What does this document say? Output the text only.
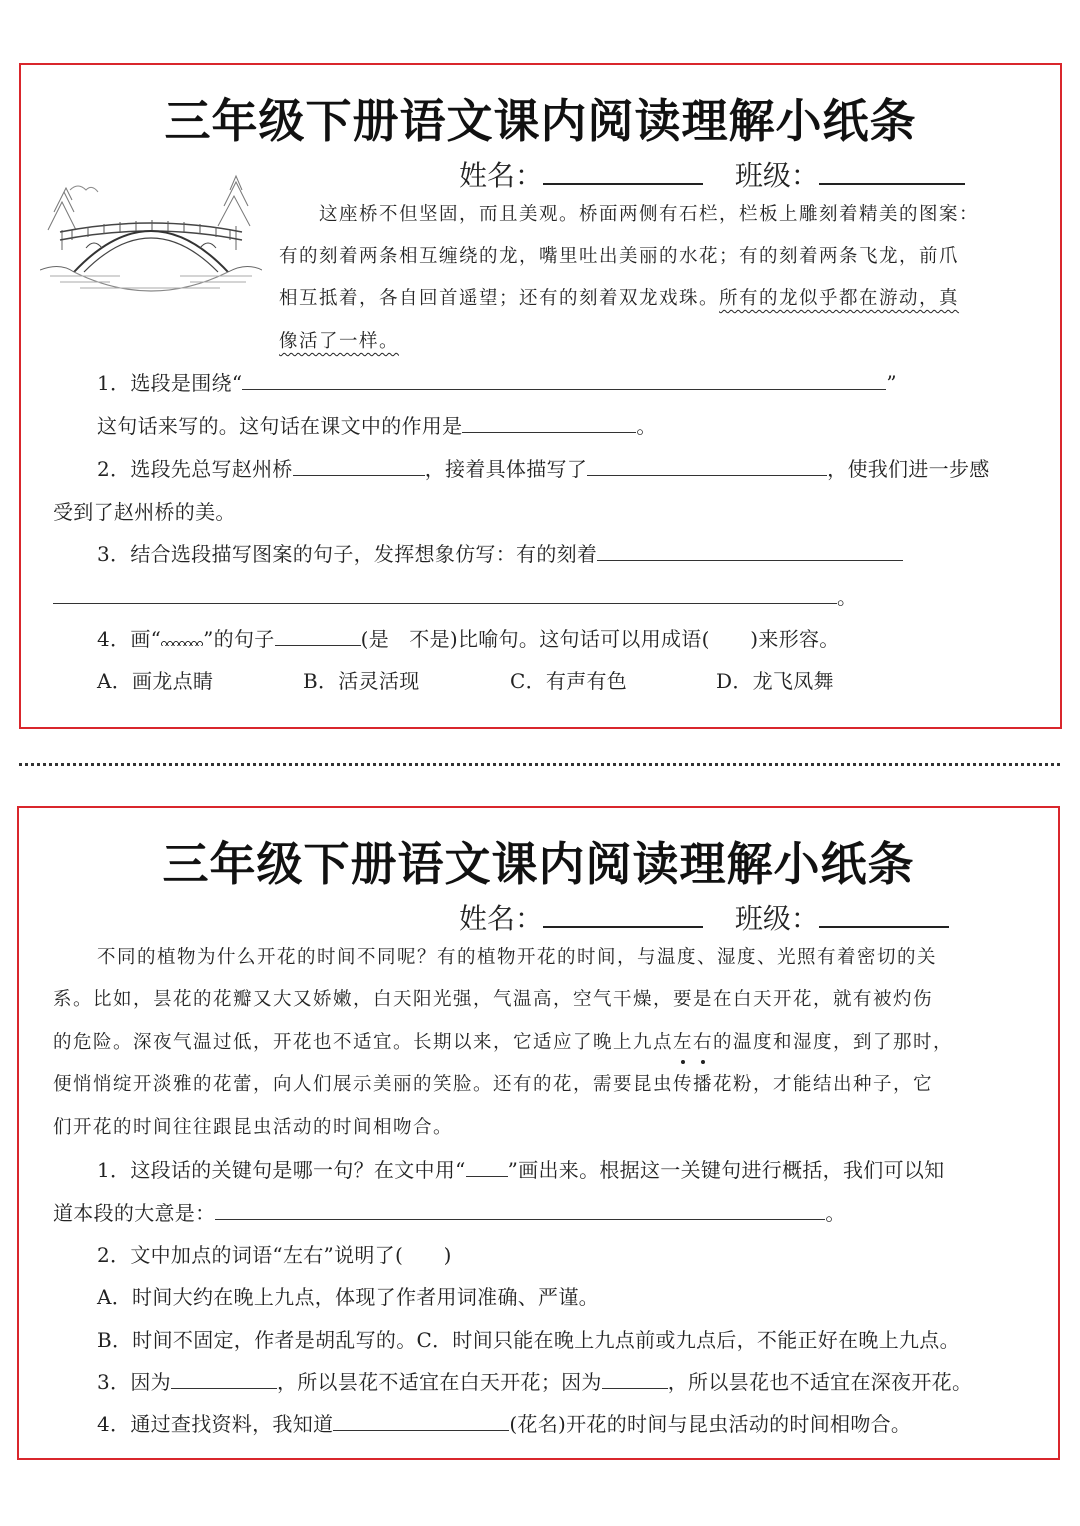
三年级下册语文课内阅读理解小纸条
姓名：	班级：
这座桥不但坚固，而且美观。桥面两侧有石栏，栏板上雕刻着精美的图案：
有的刻着两条相互缠绕的龙，嘴里吐出美丽的水花；有的刻着两条飞龙，前爪
相互抵着，各自回首遥望；还有的刻着双龙戏珠。所有的龙似乎都在游动，真
像活了一样。
1．选段是围绕“	”
这句话来写的。这句话在课文中的作用是	。
2．选段先总写赵州桥	，接着具体描写了	，使我们进一步感
受到了赵州桥的美。
3．结合选段描写图案的句子，发挥想象仿写：有的刻着
。
4．画“ ”的句子	(是　不是)比喻句。这句话可以用成语(　　)来形容。
A．画龙点睛	B．活灵活现	C．有声有色	D．龙飞凤舞
三年级下册语文课内阅读理解小纸条
姓名：	班级：
不同的植物为什么开花的时间不同呢？有的植物开花的时间，与温度、湿度、光照有着密切的关
系。比如，昙花的花瓣又大又娇嫩，白天阳光强，气温高，空气干燥，要是在白天开花，就有被灼伤
的危险。深夜气温过低，开花也不适宜。长期以来，它适应了晚上九点左右的温度和湿度，到了那时，
便悄悄绽开淡雅的花蕾，向人们展示美丽的笑脸。还有的花，需要昆虫传播花粉，才能结出种子，它
们开花的时间往往跟昆虫活动的时间相吻合。
1．这段话的关键句是哪一句？在文中用“ ”画出来。根据这一关键句进行概括，我们可以知
道本段的大意是：	。
2．文中加点的词语“左右”说明了(　　)
A．时间大约在晚上九点，体现了作者用词准确、严谨。
B．时间不固定，作者是胡乱写的。C．时间只能在晚上九点前或九点后，不能正好在晚上九点。
3．因为	，所以昙花不适宜在白天开花；因为	，所以昙花也不适宜在深夜开花。
4．通过查找资料，我知道	(花名)开花的时间与昆虫活动的时间相吻合。
